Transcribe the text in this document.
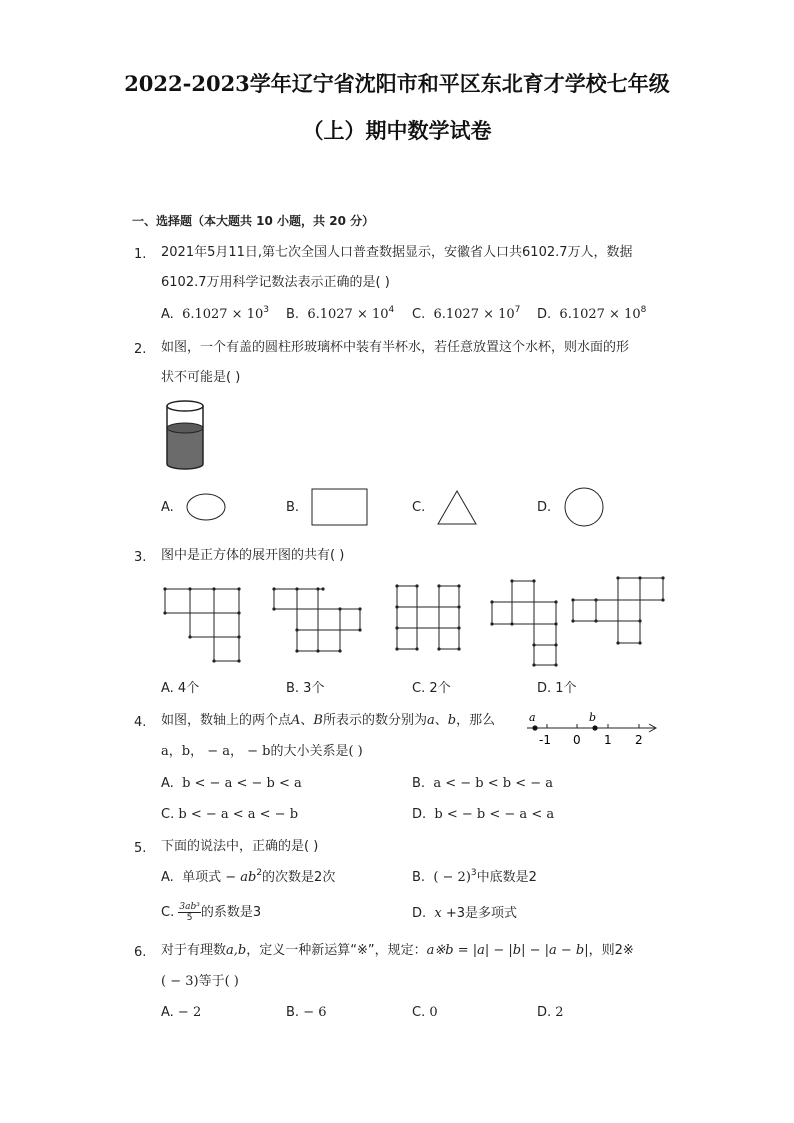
2022-2023学年辽宁省沈阳市和平区东北育才学校七年级
（上）期中数学试卷
一、选择题（本大题共 10 小题，共 20 分）
1. 2021年5月11日,第七次全国人口普查数据显示，安徽省人口共6102.7万人，数据
6102.7万用科学记数法表示正确的是( )
A. $6.1027 \times 10^3$ B. $6.1027 \times 10^4$ C. $6.1027 \times 10^7$ D. $6.1027 \times 10^8$
2. 如图，一个有盖的圆柱形玻璃杯中装有半杯水，若任意放置这个水杯，则水面的形
状不可能是( )
A.	B.	C.	D.
3. 图中是正方体的展开图的共有( )
A. 4个	B. 3个	C. 2个	D. 1个
4. 如图，数轴上的两个点A、B所表示的数分别为a、b，那么
a，b， − a， − b的大小关系是( )
a	b
-1 0 1 2
A. b < − a < − b < a	B. a < − b < b < − a
C. b < − a < a < − b	D. b < − b < − a < a
5. 下面的说法中，正确的是( )
A. 单项式 − $ab^2$的次数是2次	B. ( − 2)$^3$中底数是2
C. $\frac{\text{3ab³}}{5}$ 的系数是3	D. x +3是多项式
6. 对于有理数a,b，定义一种新运算“※”，规定：a※b = |a| − |b| − |a − b|，则2※
( − 3)等于( )
A. − 2	B. − 6	C. 0	D. 2
